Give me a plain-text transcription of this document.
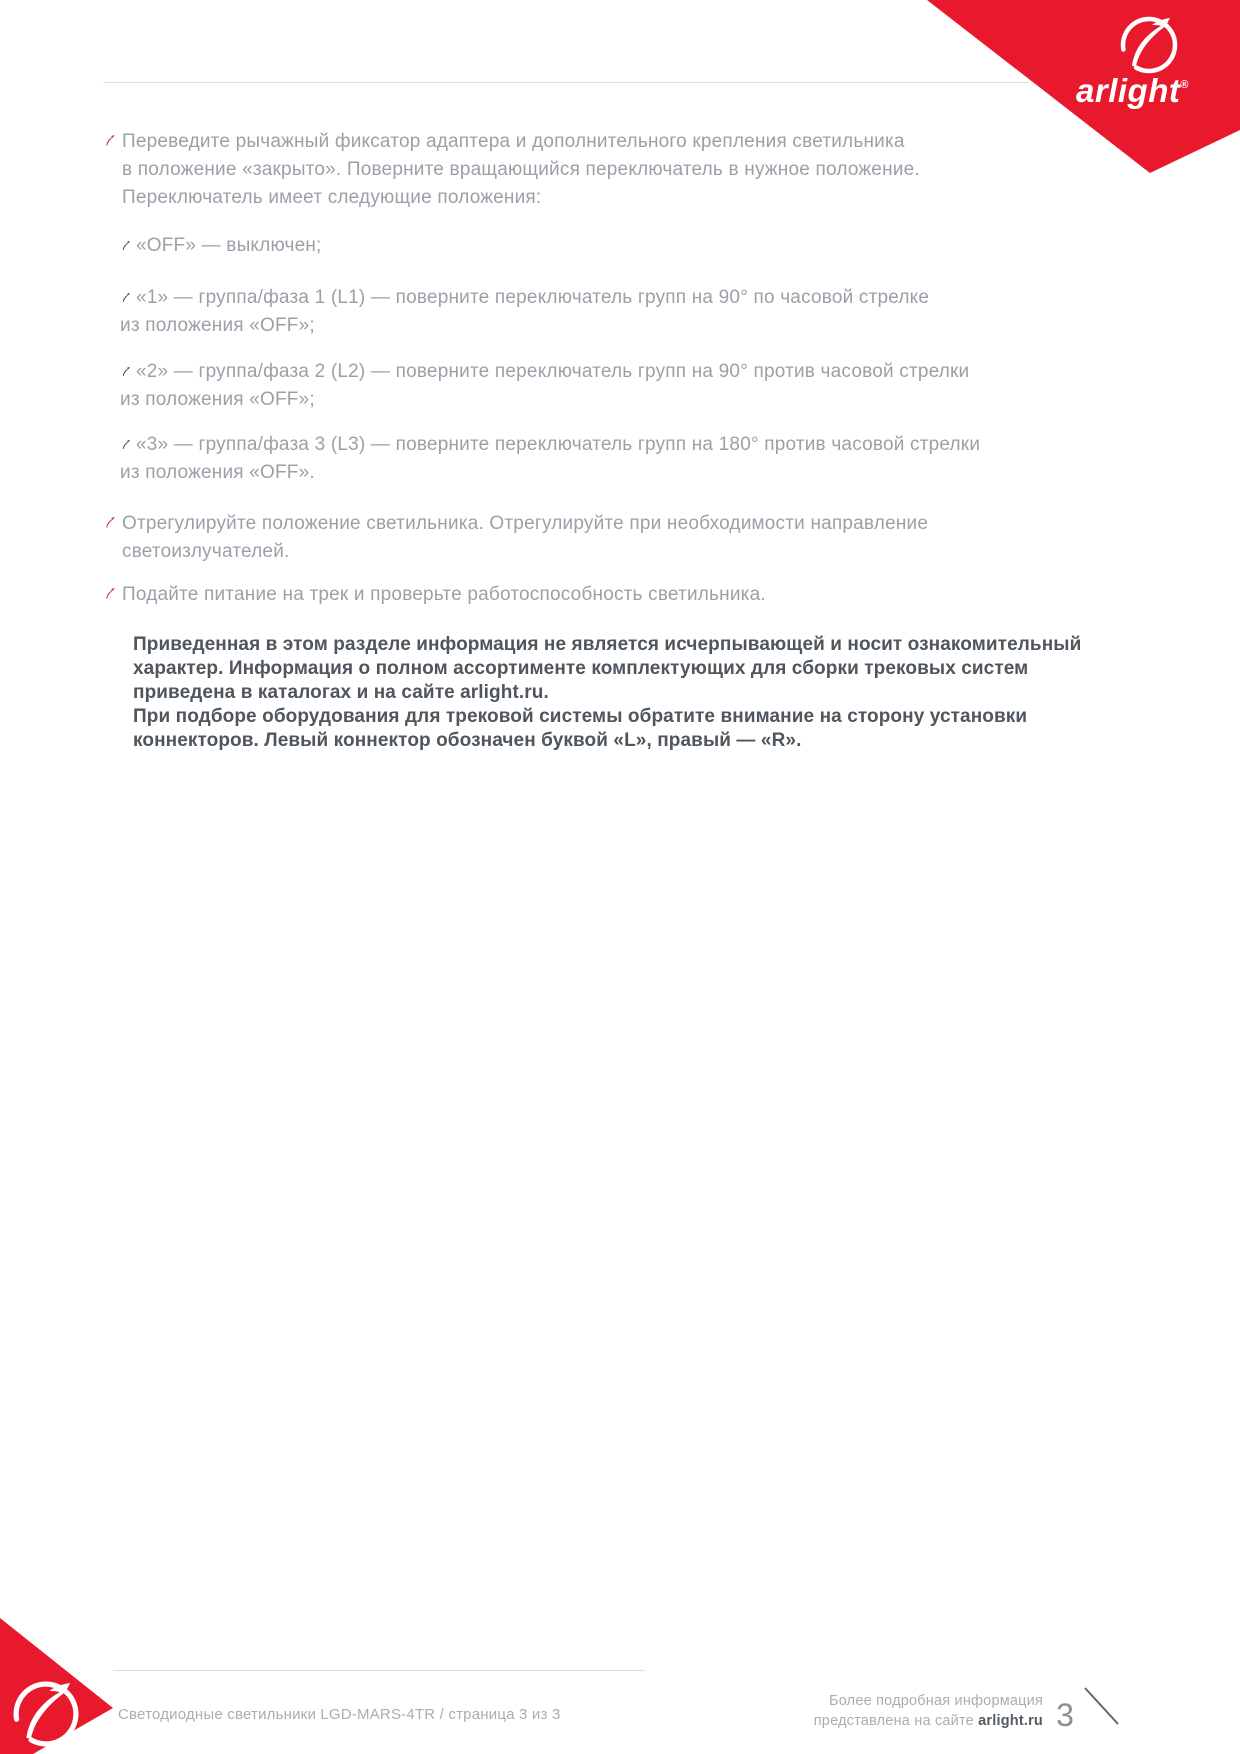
arlight®
Переведите рычажный фиксатор адаптера и дополнительного крепления светильника
в положение «закрыто». Поверните вращающийся переключатель в нужное положение.
Переключатель имеет следующие положения:
«OFF» — выключен;
«1» — группа/фаза 1 (L1) — поверните переключатель групп на 90° по часовой стрелке
из положения «OFF»;
«2» — группа/фаза 2 (L2) — поверните переключатель групп на 90° против часовой стрелки
из положения «OFF»;
«3» — группа/фаза 3 (L3) — поверните переключатель групп на 180° против часовой стрелки
из положения «OFF».
Отрегулируйте положение светильника. Отрегулируйте при необходимости направление
светоизлучателей.
Подайте питание на трек и проверьте работоспособность светильника.
Приведенная в этом разделе информация не является исчерпывающей и носит ознакомительный
характер. Информация о полном ассортименте комплектующих для сборки трековых систем
приведена в каталогах и на сайте arlight.ru.
При подборе оборудования для трековой системы обратите внимание на сторону установки
коннекторов. Левый коннектор обозначен буквой «L», правый — «R».
Светодиодные светильники LGD-MARS-4TR / страница 3 из 3
Более подробная информация
представлена на сайте arlight.ru 3
